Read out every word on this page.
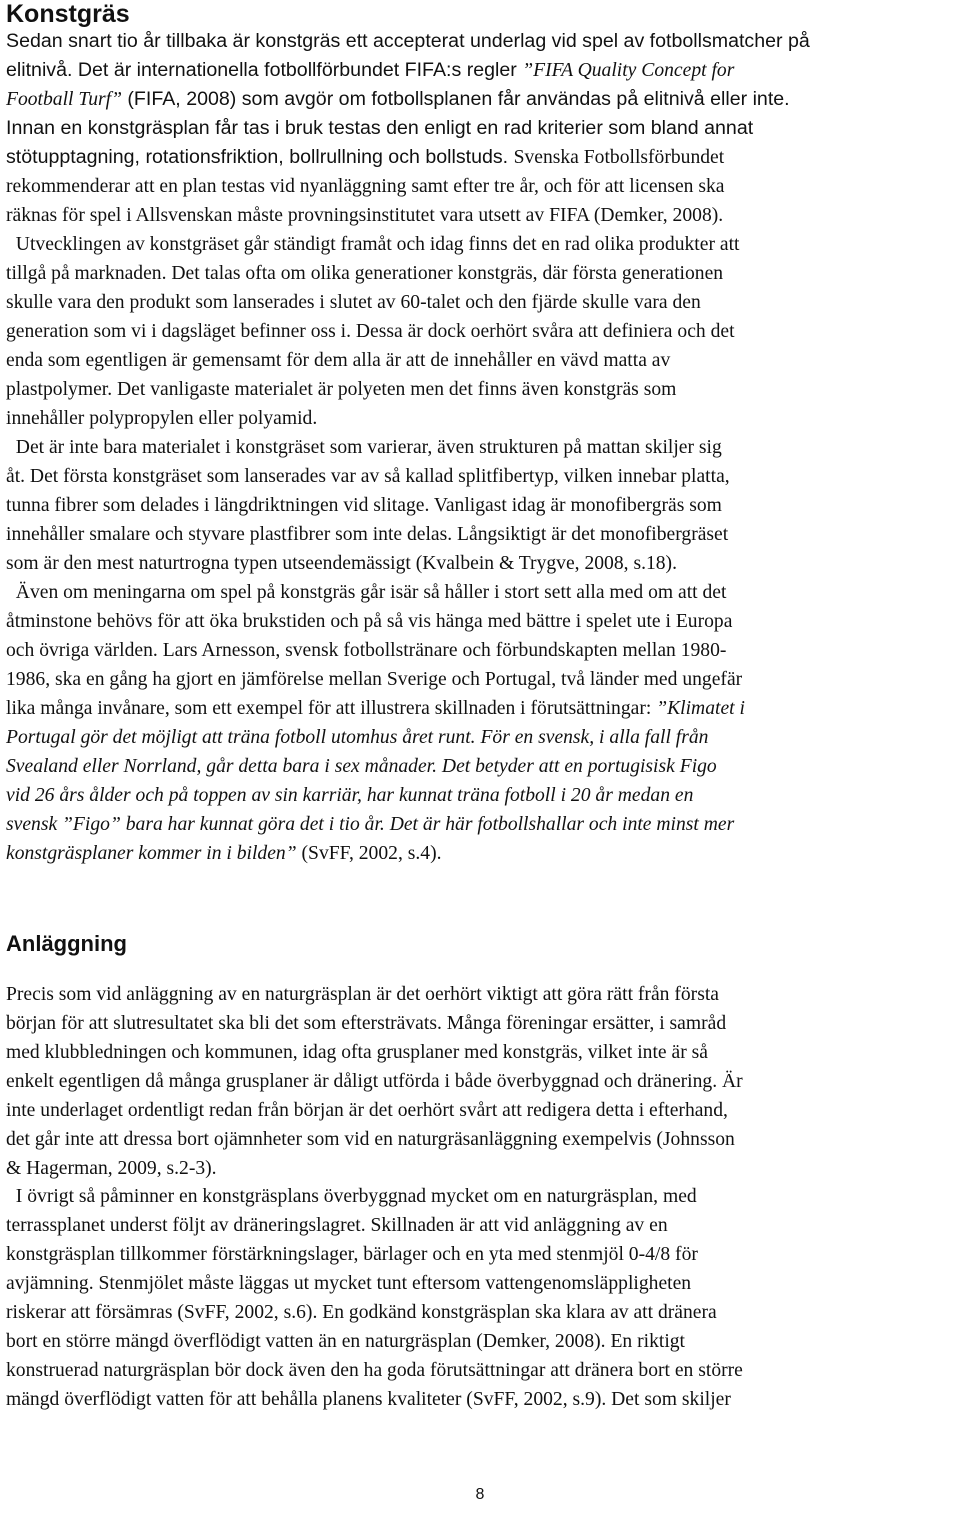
Konstgräs
Sedan snart tio år tillbaka är konstgräs ett accepterat underlag vid spel av fotbollsmatcher på
elitnivå. Det är internationella fotbollförbundet FIFA:s regler ”FIFA Quality Concept for
Football Turf” (FIFA, 2008) som avgör om fotbollsplanen får användas på elitnivå eller inte.
Innan en konstgräsplan får tas i bruk testas den enligt en rad kriterier som bland annat
stötupptagning, rotationsfriktion, bollrullning och bollstuds. Svenska Fotbollsförbundet
rekommenderar att en plan testas vid nyanläggning samt efter tre år, och för att licensen ska
räknas för spel i Allsvenskan måste provningsinstitutet vara utsett av FIFA (Demker, 2008).
Utvecklingen av konstgräset går ständigt framåt och idag finns det en rad olika produkter att
tillgå på marknaden. Det talas ofta om olika generationer konstgräs, där första generationen
skulle vara den produkt som lanserades i slutet av 60-talet och den fjärde skulle vara den
generation som vi i dagsläget befinner oss i. Dessa är dock oerhört svåra att definiera och det
enda som egentligen är gemensamt för dem alla är att de innehåller en vävd matta av
plastpolymer. Det vanligaste materialet är polyeten men det finns även konstgräs som
innehåller polypropylen eller polyamid.
Det är inte bara materialet i konstgräset som varierar, även strukturen på mattan skiljer sig
åt. Det första konstgräset som lanserades var av så kallad splitfibertyp, vilken innebar platta,
tunna fibrer som delades i längdriktningen vid slitage. Vanligast idag är monofibergräs som
innehåller smalare och styvare plastfibrer som inte delas. Långsiktigt är det monofibergräset
som är den mest naturtrogna typen utseendemässigt (Kvalbein & Trygve, 2008, s.18).
Även om meningarna om spel på konstgräs går isär så håller i stort sett alla med om att det
åtminstone behövs för att öka brukstiden och på så vis hänga med bättre i spelet ute i Europa
och övriga världen. Lars Arnesson, svensk fotbollstränare och förbundskapten mellan 1980-
1986, ska en gång ha gjort en jämförelse mellan Sverige och Portugal, två länder med ungefär
lika många invånare, som ett exempel för att illustrera skillnaden i förutsättningar: ”Klimatet i
Portugal gör det möjligt att träna fotboll utomhus året runt. För en svensk, i alla fall från
Svealand eller Norrland, går detta bara i sex månader. Det betyder att en portugisisk Figo
vid 26 års ålder och på toppen av sin karriär, har kunnat träna fotboll i 20 år medan en
svensk ”Figo” bara har kunnat göra det i tio år. Det är här fotbollshallar och inte minst mer
konstgräsplaner kommer in i bilden” (SvFF, 2002, s.4).
Anläggning
Precis som vid anläggning av en naturgräsplan är det oerhört viktigt att göra rätt från första
början för att slutresultatet ska bli det som eftersträvats. Många föreningar ersätter, i samråd
med klubbledningen och kommunen, idag ofta grusplaner med konstgräs, vilket inte är så
enkelt egentligen då många grusplaner är dåligt utförda i både överbyggnad och dränering. Är
inte underlaget ordentligt redan från början är det oerhört svårt att redigera detta i efterhand,
det går inte att dressa bort ojämnheter som vid en naturgräsanläggning exempelvis (Johnsson
& Hagerman, 2009, s.2-3).
I övrigt så påminner en konstgräsplans överbyggnad mycket om en naturgräsplan, med
terrassplanet underst följt av dräneringslagret. Skillnaden är att vid anläggning av en
konstgräsplan tillkommer förstärkningslager, bärlager och en yta med stenmjöl 0-4/8 för
avjämning. Stenmjölet måste läggas ut mycket tunt eftersom vattengenomsläppligheten
riskerar att försämras (SvFF, 2002, s.6). En godkänd konstgräsplan ska klara av att dränera
bort en större mängd överflödigt vatten än en naturgräsplan (Demker, 2008). En riktigt
konstruerad naturgräsplan bör dock även den ha goda förutsättningar att dränera bort en större
mängd överflödigt vatten för att behålla planens kvaliteter (SvFF, 2002, s.9). Det som skiljer

8
